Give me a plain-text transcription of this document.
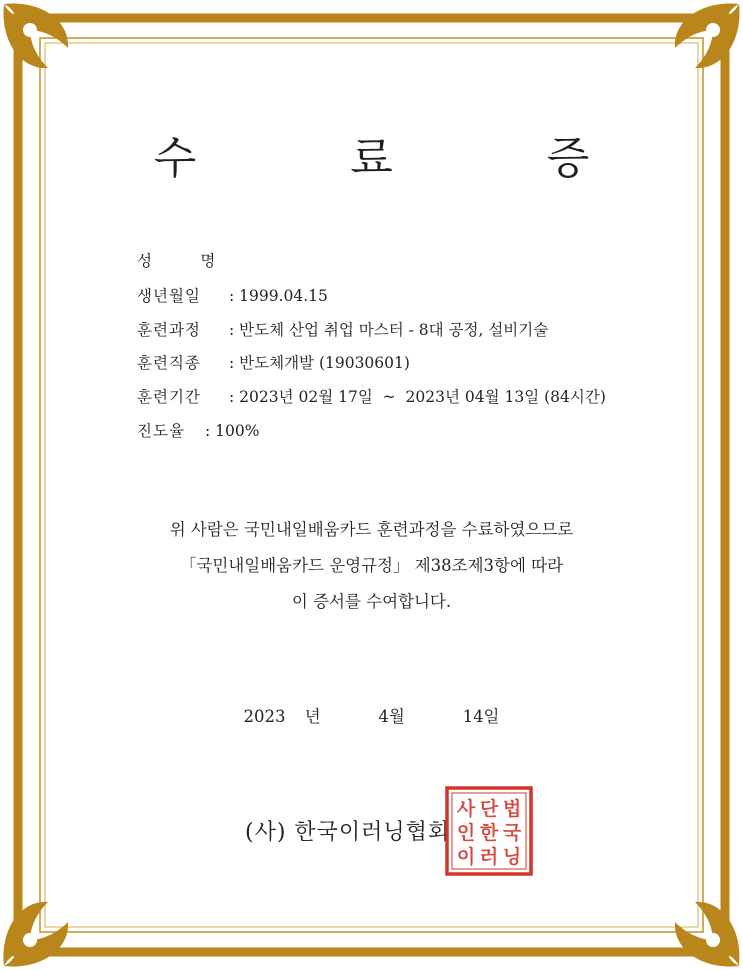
수 료 증
성        명
생년월일 : 1999.04.15
훈련과정 : 반도체 산업 취업 마스터 - 8대 공정, 설비기술
훈련직종 : 반도체개발 (19030601)
훈련기간 : 2023년 02월 17일  ~  2023년 04월 13일 (84시간)
진도율 : 100%
위 사람은 국민내일배움카드 훈련과정을 수료하였으므로
「국민내일배움카드 운영규정」 제38조제3항에 따라
이 증서를 수여합니다.
2023 년   4월   14일
(사) 한국이러닝협회
사 단 법
인 한 국
이 러 닝
